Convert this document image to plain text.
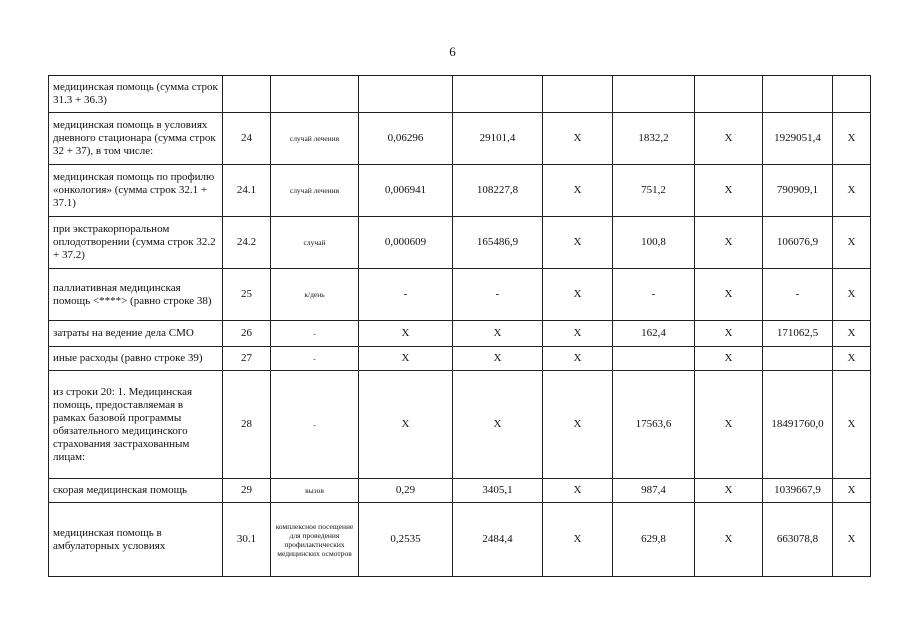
6
медицинская помощь (сумма строк 31.3 + 36.3)									
медицинская помощь в условиях дневного стационара (сумма строк 32 + 37), в том числе:	24	случай лечения	0,06296	29101,4	X	1832,2	X	1929051,4	X
медицинская помощь по профилю «онкология» (сумма строк 32.1 + 37.1)	24.1	случай лечения	0,006941	108227,8	X	751,2	X	790909,1	X
при экстракорпоральном оплодотворении (сумма строк 32.2 + 37.2)	24.2	случай	0,000609	165486,9	X	100,8	X	106076,9	X
паллиативная медицинская помощь <****> (равно строке 38)	25	к/день	-	-	X	-	X	-	X
затраты на ведение дела СМО	26	-	X	X	X	162,4	X	171062,5	X
иные расходы (равно строке 39)	27	-	X	X	X		X		X
из строки 20: 1. Медицинская помощь, предоставляемая в рамках базовой программы обязательного медицинского страхования застрахованным лицам:	28	-	X	X	X	17563,6	X	18491760,0	X
скорая медицинская помощь	29	вызов	0,29	3405,1	X	987,4	X	1039667,9	X
медицинская помощь в амбулаторных условиях	30.1	комплексное посещение для проведения профилактических медицинских осмотров	0,2535	2484,4	X	629,8	X	663078,8	X
